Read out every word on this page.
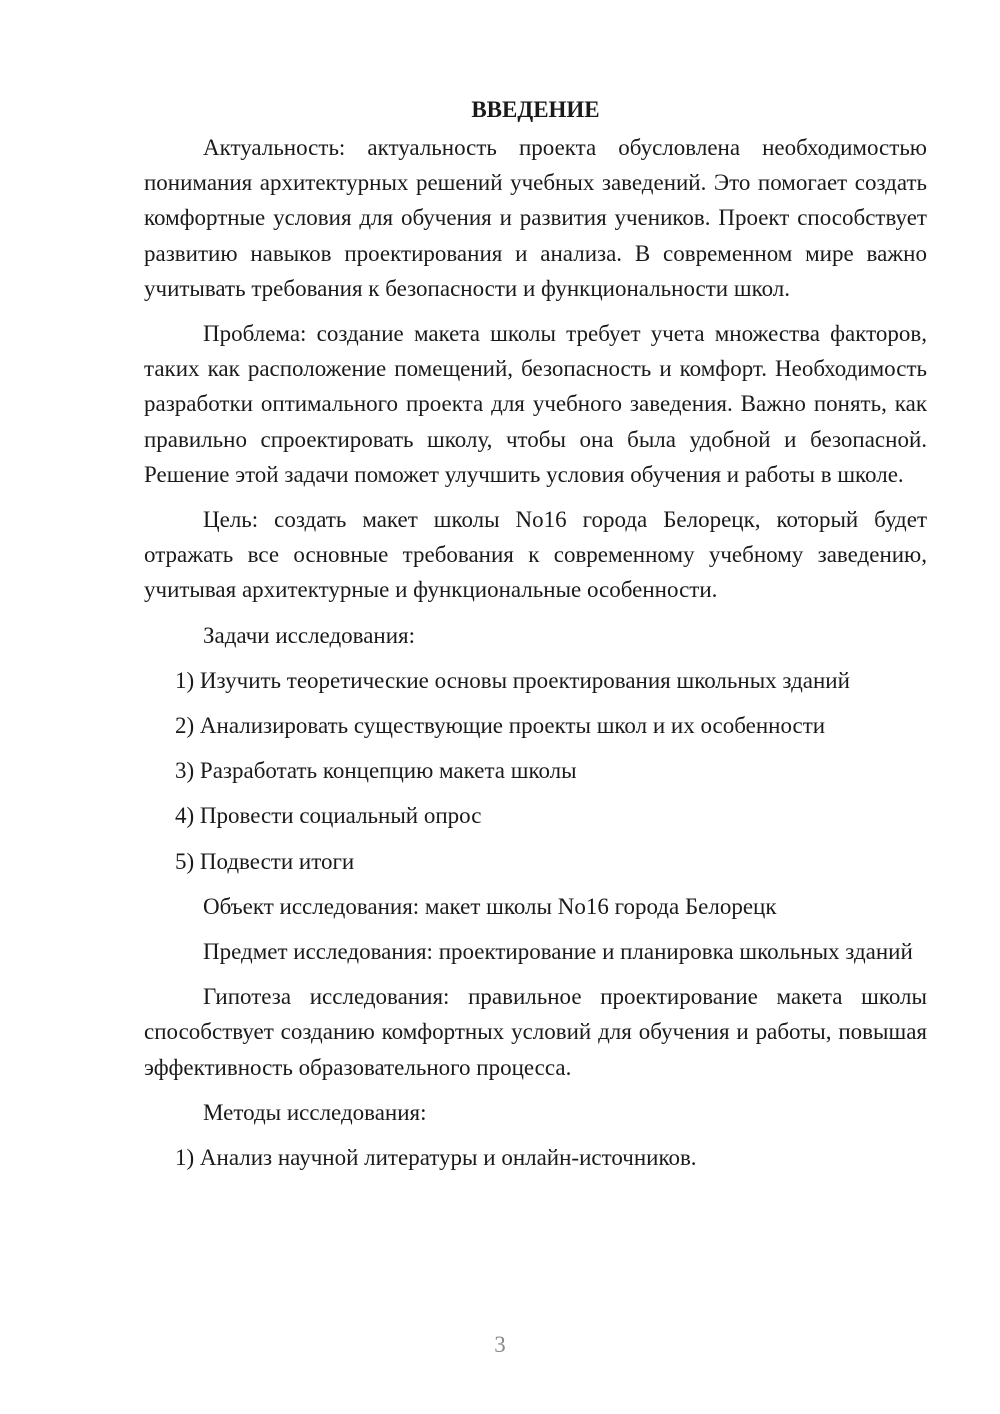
ВВЕДЕНИЕ

Актуальность: актуальность проекта обусловлена необходимостью понимания архитектурных решений учебных заведений. Это помогает создать комфортные условия для обучения и развития учеников. Проект способствует развитию навыков проектирования и анализа. В современном мире важно учитывать требования к безопасности и функциональности школ.

Проблема: создание макета школы требует учета множества факторов, таких как расположение помещений, безопасность и комфорт. Необходимость разработки оптимального проекта для учебного заведения. Важно понять, как правильно спроектировать школу, чтобы она была удобной и безопасной. Решение этой задачи поможет улучшить условия обучения и работы в школе.

Цель: создать макет школы No16 города Белорецк, который будет отражать все основные требования к современному учебному заведению, учитывая архитектурные и функциональные особенности.

Задачи исследования:

1) Изучить теоретические основы проектирования школьных зданий
2) Анализировать существующие проекты школ и их особенности
3) Разработать концепцию макета школы
4) Провести социальный опрос
5) Подвести итоги

Объект исследования: макет школы No16 города Белорецк

Предмет исследования: проектирование и планировка школьных зданий

Гипотеза исследования: правильное проектирование макета школы способствует созданию комфортных условий для обучения и работы, повышая эффективность образовательного процесса.

Методы исследования:

1) Анализ научной литературы и онлайн-источников.
3
